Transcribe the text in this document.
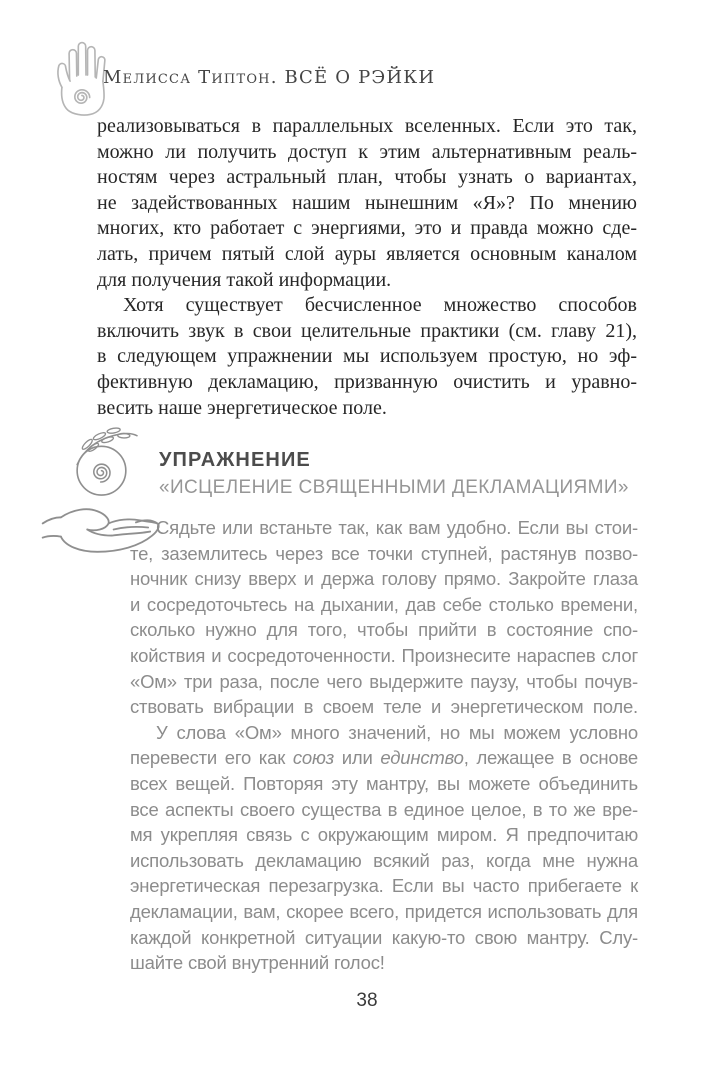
Мелисса Типтон. ВСЁ О РЭЙКИ
реализовываться в параллельных вселенных. Если это так,
можно ли получить доступ к этим альтернативным реаль-
ностям через астральный план, чтобы узнать о вариантах,
не задействованных нашим нынешним «Я»? По мнению
многих, кто работает с энергиями, это и правда можно сде-
лать, причем пятый слой ауры является основным каналом
для получения такой информации.
Хотя существует бесчисленное множество способов
включить звук в свои целительные практики (см. главу 21),
в следующем упражнении мы используем простую, но эф-
фективную декламацию, призванную очистить и уравно-
весить наше энергетическое поле.
УПРАЖНЕНИЕ
«ИСЦЕЛЕНИЕ СВЯЩЕННЫМИ ДЕКЛАМАЦИЯМИ»
Сядьте или встаньте так, как вам удобно. Если вы стои-
те, заземлитесь через все точки ступней, растянув позво-
ночник снизу вверх и держа голову прямо. Закройте глаза
и сосредоточьтесь на дыхании, дав себе столько времени,
сколько нужно для того, чтобы прийти в состояние спо-
койствия и сосредоточенности. Произнесите нараспев слог
«Ом» три раза, после чего выдержите паузу, чтобы почув-
ствовать вибрации в своем теле и энергетическом поле.
У слова «Ом» много значений, но мы можем условно
перевести его как союз или единство, лежащее в основе
всех вещей. Повторяя эту мантру, вы можете объединить
все аспекты своего существа в единое целое, в то же вре-
мя укрепляя связь с окружающим миром. Я предпочитаю
использовать декламацию всякий раз, когда мне нужна
энергетическая перезагрузка. Если вы часто прибегаете к
декламации, вам, скорее всего, придется использовать для
каждой конкретной ситуации какую-то свою мантру. Слу-
шайте свой внутренний голос!
38
